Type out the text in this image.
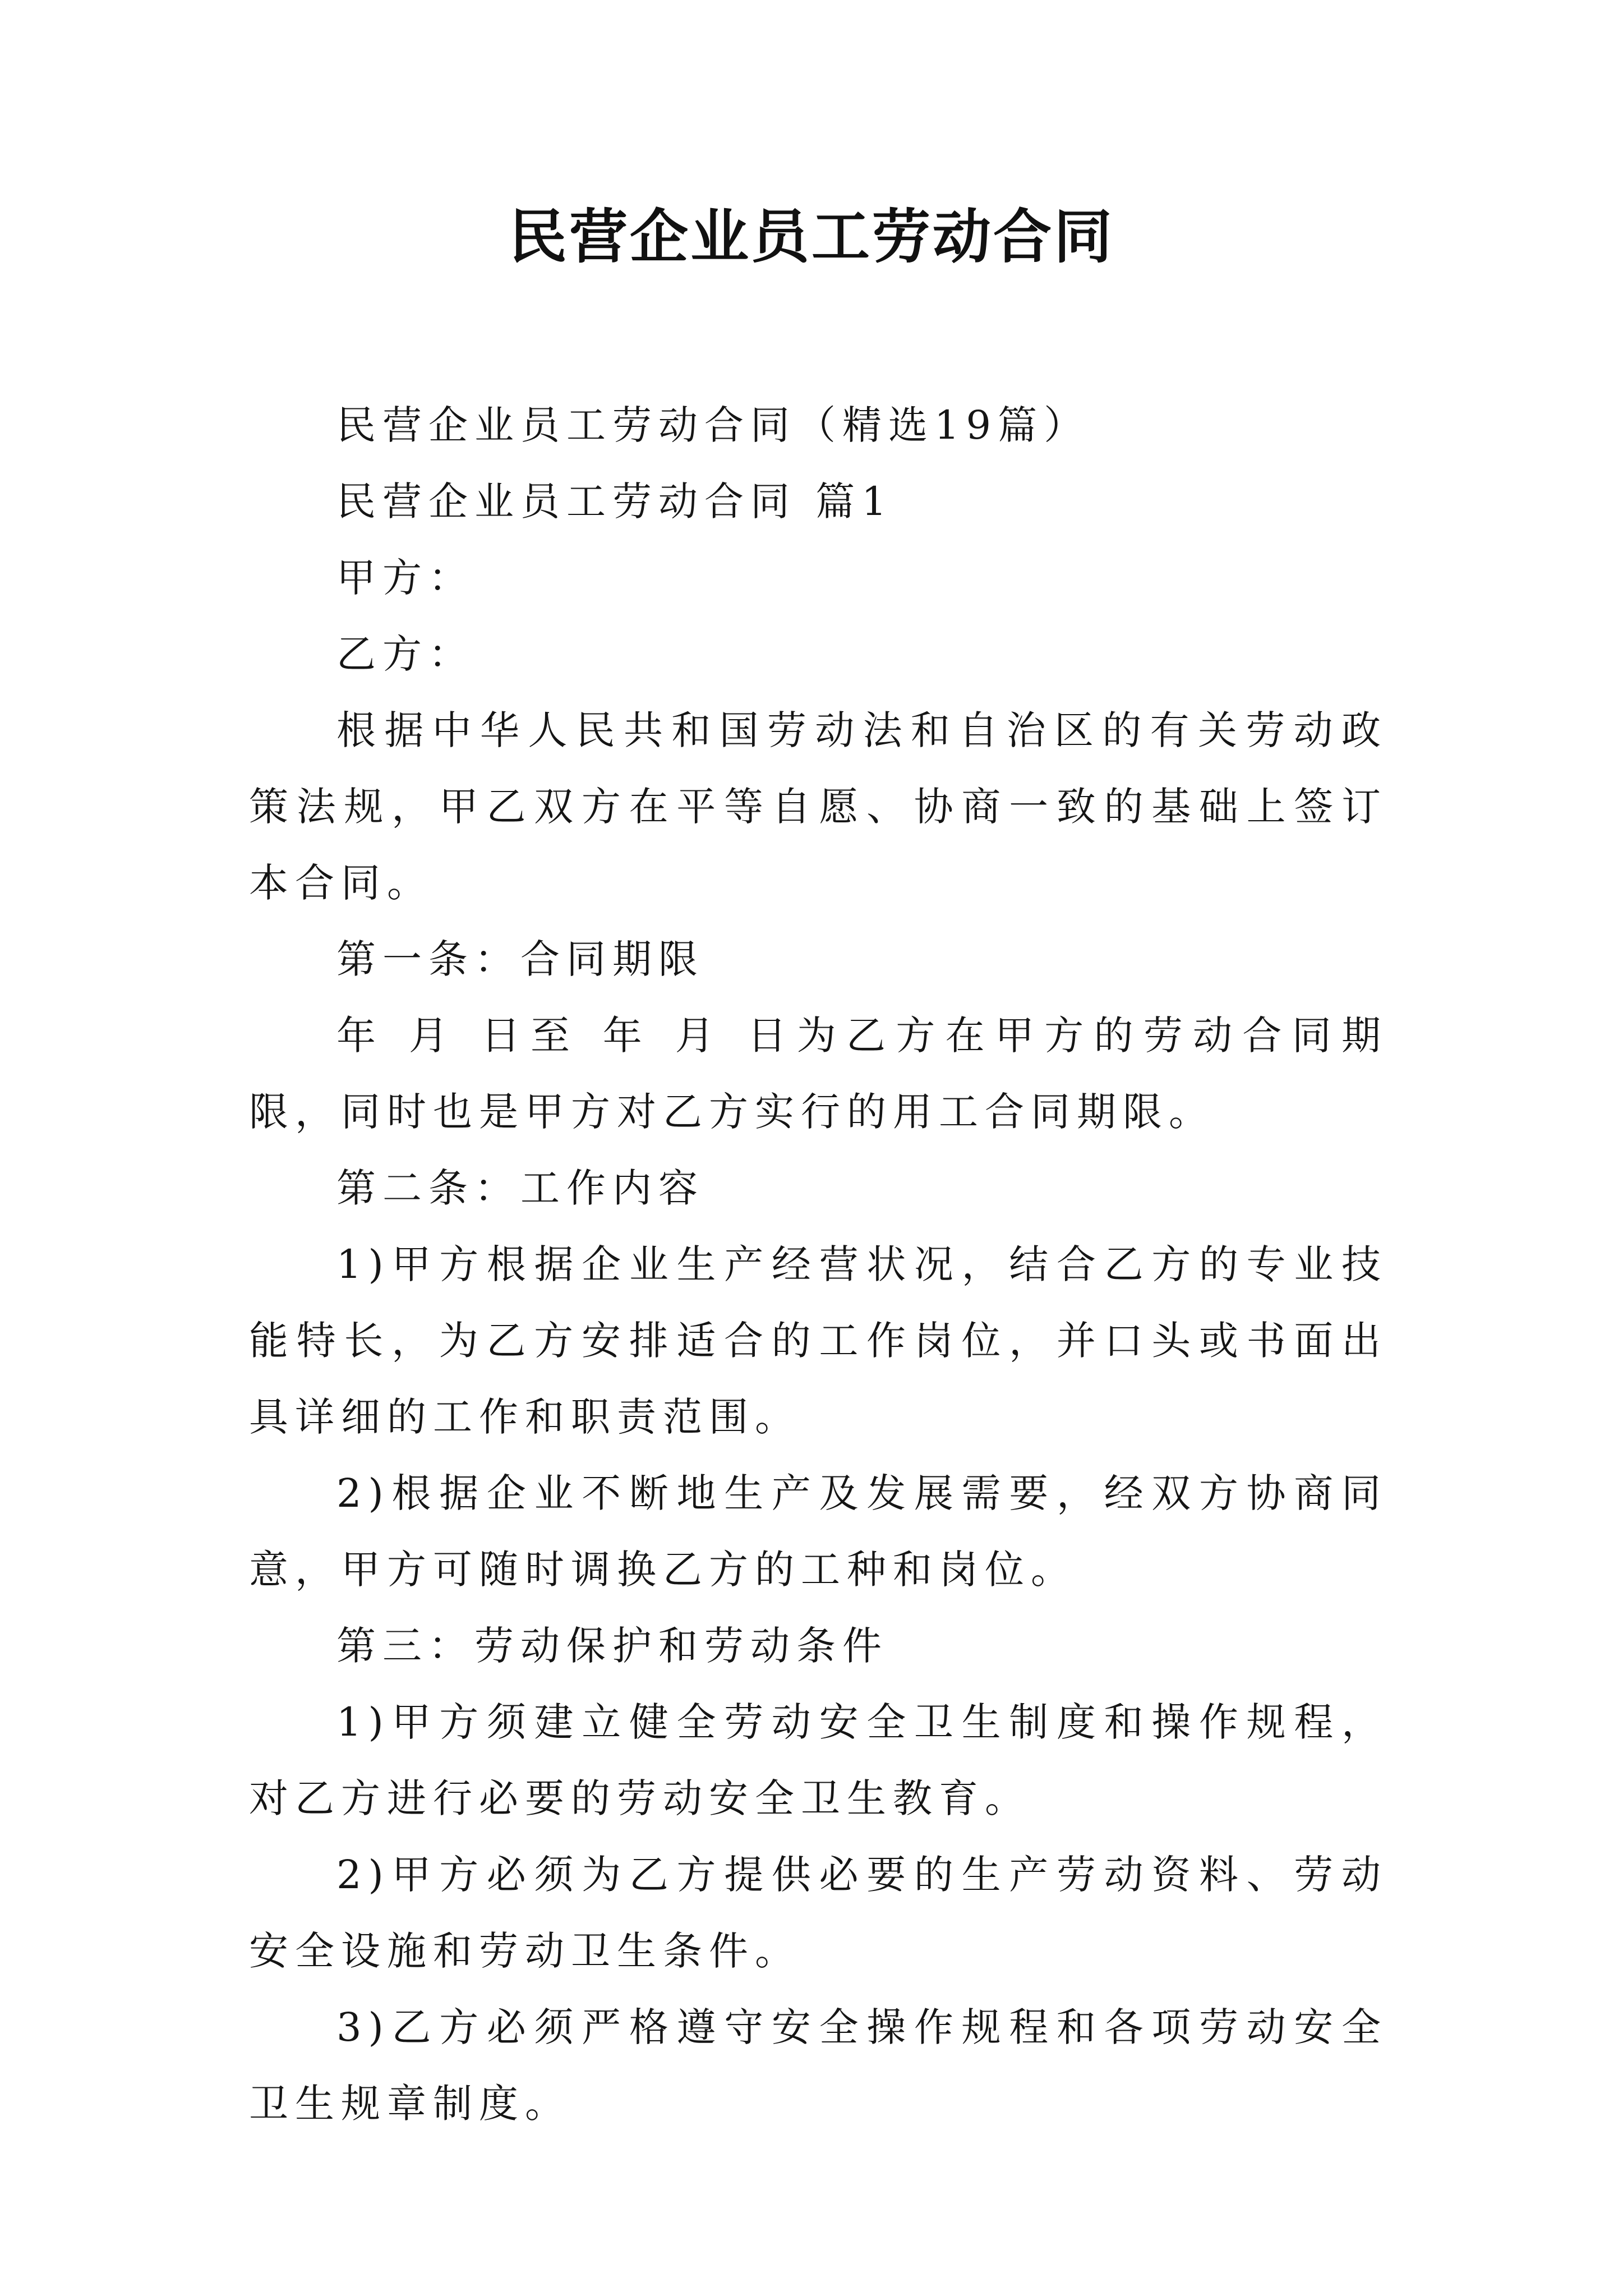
民营企业员工劳动合同

民营企业员工劳动合同（精选19篇）

民营企业员工劳动合同 篇1

甲方：

乙方：

根据中华人民共和国劳动法和自治区的有关劳动政策法规，甲乙双方在平等自愿、协商一致的基础上签订本合同。

第一条：合同期限

年 月 日至 年 月 日为乙方在甲方的劳动合同期限，同时也是甲方对乙方实行的用工合同期限。

第二条：工作内容

1)甲方根据企业生产经营状况，结合乙方的专业技能特长，为乙方安排适合的工作岗位，并口头或书面出具详细的工作和职责范围。

2)根据企业不断地生产及发展需要，经双方协商同意，甲方可随时调换乙方的工种和岗位。

第三：劳动保护和劳动条件

1)甲方须建立健全劳动安全卫生制度和操作规程，对乙方进行必要的劳动安全卫生教育。

2)甲方必须为乙方提供必要的生产劳动资料、劳动安全设施和劳动卫生条件。

3)乙方必须严格遵守安全操作规程和各项劳动安全卫生规章制度。
